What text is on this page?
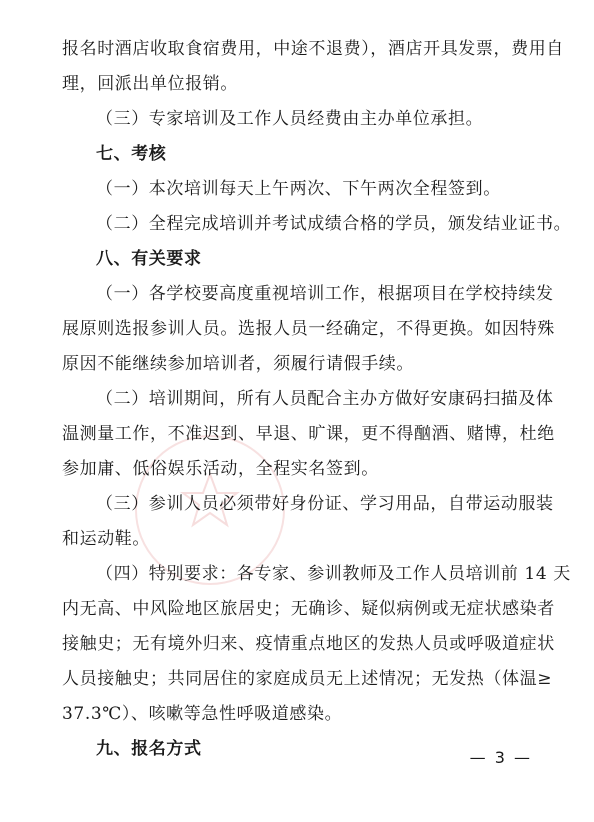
报名时酒店收取食宿费用，中途不退费），酒店开具发票，费用自
理，回派出单位报销。
（三）专家培训及工作人员经费由主办单位承担。
七、考核
（一）本次培训每天上午两次、下午两次全程签到。
（二）全程完成培训并考试成绩合格的学员，颁发结业证书。
八、有关要求
（一）各学校要高度重视培训工作，根据项目在学校持续发
展原则选报参训人员。选报人员一经确定，不得更换。如因特殊
原因不能继续参加培训者，须履行请假手续。
（二）培训期间，所有人员配合主办方做好安康码扫描及体
温测量工作，不准迟到、早退、旷课，更不得酗酒、赌博，杜绝
参加庸、低俗娱乐活动，全程实名签到。
（三）参训人员必须带好身份证、学习用品，自带运动服装
和运动鞋。
（四）特别要求：各专家、参训教师及工作人员培训前 14 天
内无高、中风险地区旅居史；无确诊、疑似病例或无症状感染者
接触史；无有境外归来、疫情重点地区的发热人员或呼吸道症状
人员接触史；共同居住的家庭成员无上述情况；无发热（体温≥
37.3℃）、咳嗽等急性呼吸道感染。
九、报名方式	— 3 —
